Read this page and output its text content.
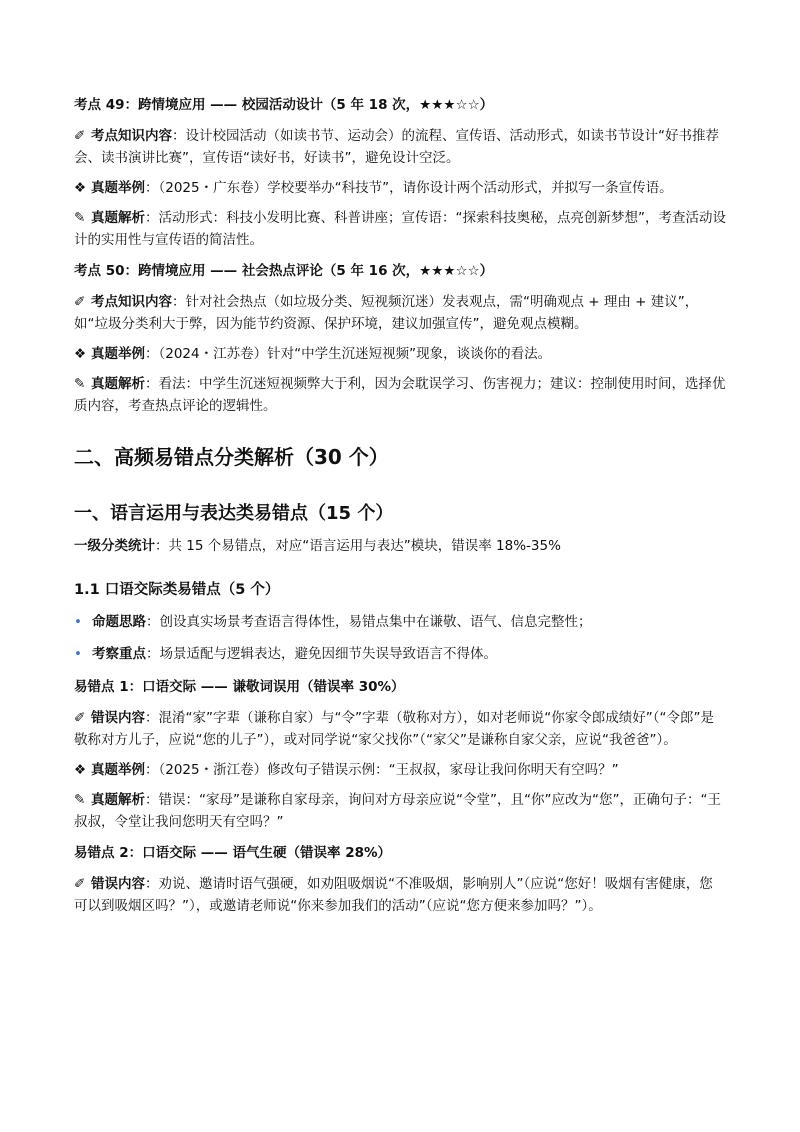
考点 49：跨情境应用 —— 校园活动设计（5 年 18 次，★★★☆☆）
✐ 考点知识内容：设计校园活动（如读书节、运动会）的流程、宣传语、活动形式，如读书节设计“好书推荐会、读书演讲比赛”，宣传语“读好书，好读书”，避免设计空泛。
❖ 真题举例：（2025・广东卷）学校要举办“科技节”，请你设计两个活动形式，并拟写一条宣传语。
✎ 真题解析：活动形式：科技小发明比赛、科普讲座；宣传语：“探索科技奥秘，点亮创新梦想”，考查活动设计的实用性与宣传语的简洁性。
考点 50：跨情境应用 —— 社会热点评论（5 年 16 次，★★★☆☆）
✐ 考点知识内容：针对社会热点（如垃圾分类、短视频沉迷）发表观点，需“明确观点 + 理由 + 建议”，如“垃圾分类利大于弊，因为能节约资源、保护环境，建议加强宣传”，避免观点模糊。
❖ 真题举例：（2024・江苏卷）针对“中学生沉迷短视频”现象，谈谈你的看法。
✎ 真题解析：看法：中学生沉迷短视频弊大于利，因为会耽误学习、伤害视力；建议：控制使用时间，选择优质内容，考查热点评论的逻辑性。
二、高频易错点分类解析（30 个）
一、语言运用与表达类易错点（15 个）
一级分类统计：共 15 个易错点，对应“语言运用与表达”模块，错误率 18%-35%
1.1 口语交际类易错点（5 个）
• 命题思路：创设真实场景考查语言得体性，易错点集中在谦敬、语气、信息完整性；
• 考察重点：场景适配与逻辑表达，避免因细节失误导致语言不得体。
易错点 1：口语交际 —— 谦敬词误用（错误率 30%）
✐ 错误内容：混淆“家”字辈（谦称自家）与“令”字辈（敬称对方），如对老师说“你家令郎成绩好”（“令郎”是敬称对方儿子，应说“您的儿子”），或对同学说“家父找你”（“家父”是谦称自家父亲，应说“我爸爸”）。
❖ 真题举例：（2025・浙江卷）修改句子错误示例：“王叔叔，家母让我问你明天有空吗？”
✎ 真题解析：错误：“家母”是谦称自家母亲，询问对方母亲应说“令堂”，且“你”应改为“您”，正确句子：“王叔叔，令堂让我问您明天有空吗？”
易错点 2：口语交际 —— 语气生硬（错误率 28%）
✐ 错误内容：劝说、邀请时语气强硬，如劝阻吸烟说“不准吸烟，影响别人”（应说“您好！吸烟有害健康，您可以到吸烟区吗？”），或邀请老师说“你来参加我们的活动”（应说“您方便来参加吗？”）。
